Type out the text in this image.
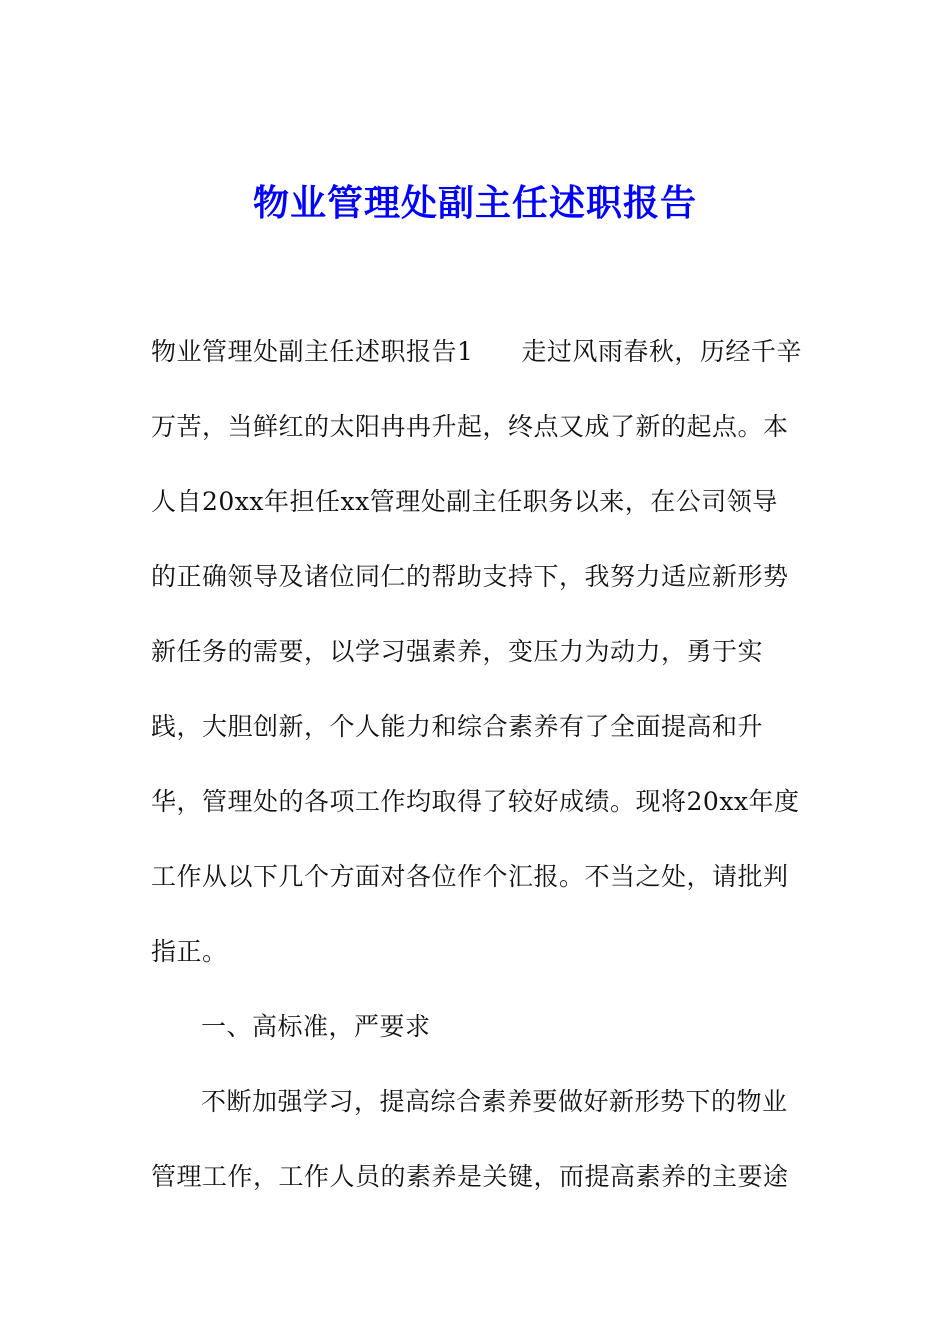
物业管理处副主任述职报告
物业管理处副主任述职报告1 走过风雨春秋，历经千辛
万苦，当鲜红的太阳冉冉升起，终点又成了新的起点。本
人自20xx年担任xx管理处副主任职务以来，在公司领导
的正确领导及诸位同仁的帮助支持下，我努力适应新形势
新任务的需要，以学习强素养，变压力为动力，勇于实
践，大胆创新，个人能力和综合素养有了全面提高和升
华，管理处的各项工作均取得了较好成绩。现将20xx年度
工作从以下几个方面对各位作个汇报。不当之处，请批判
指正。
一、高标准，严要求
不断加强学习，提高综合素养要做好新形势下的物业
管理工作，工作人员的素养是关键，而提高素养的主要途
